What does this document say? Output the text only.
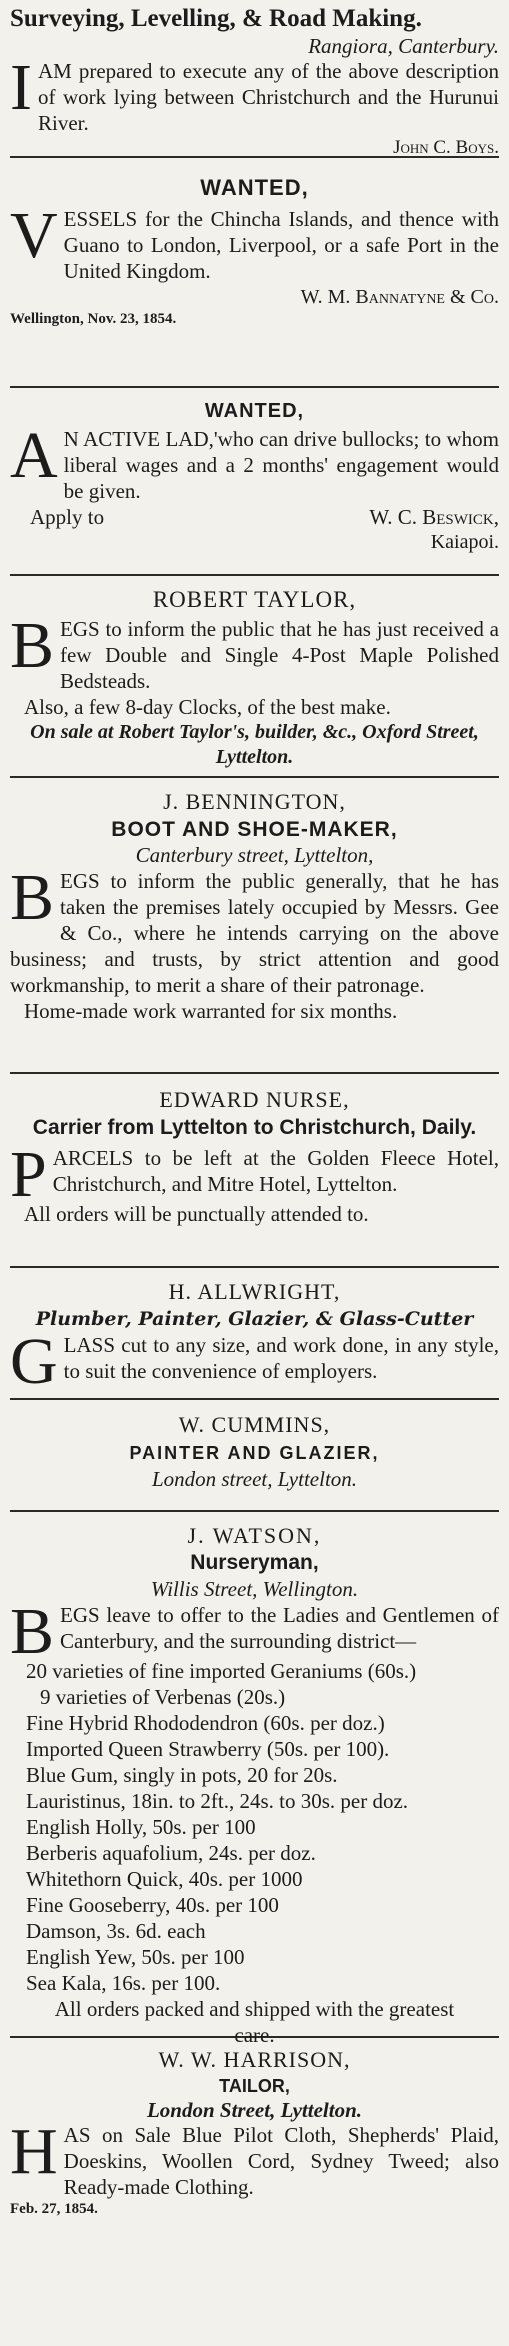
Surveying, Levelling, & Road Making.
Rangiora, Canterbury.
IAM prepared to execute any of the above description of work lying between Christchurch and the Hurunui River.
John C. Boys.
WANTED,
VESSELS for the Chincha Islands, and thence with Guano to London, Liverpool, or a safe Port in the United Kingdom.
W. M. Bannatyne & Co.
Wellington, Nov. 23, 1854.
WANTED,
A N ACTIVE LAD,'who can drive bullocks; to whom liberal wages and a 2 months' engagement would be given.
Apply to	W. C. Beswick,
Kaiapoi.
ROBERT TAYLOR,
BEGS to inform the public that he has just received a few Double and Single 4-Post Maple Polished Bedsteads.
Also, a few 8-day Clocks, of the best make.
On sale at Robert Taylor's, builder, &c., Oxford Street, Lyttelton.
J. BENNINGTON,
BOOT AND SHOE-MAKER,
Canterbury street, Lyttelton,
BEGS to inform the public generally, that he has taken the premises lately occupied by Messrs. Gee & Co., where he intends carrying on the above business; and trusts, by strict attention and good workmanship, to merit a share of their patronage.
Home-made work warranted for six months.
EDWARD NURSE,
Carrier from Lyttelton to Christchurch, Daily.
PARCELS to be left at the Golden Fleece Hotel, Christchurch, and Mitre Hotel, Lyttelton.
All orders will be punctually attended to.
H. ALLWRIGHT,
Plumber, Painter, Glazier, & Glass-Cutter
GLASS cut to any size, and work done, in any style, to suit the convenience of employers.
W. CUMMINS,
PAINTER AND GLAZIER,
London street, Lyttelton.
J. WATSON,
Nurseryman,
Willis Street, Wellington.
BEGS leave to offer to the Ladies and Gentlemen of Canterbury, and the surrounding district—
20 varieties of fine imported Geraniums (60s.)
9 varieties of Verbenas (20s.)
Fine Hybrid Rhododendron (60s. per doz.)
Imported Queen Strawberry (50s. per 100).
Blue Gum, singly in pots, 20 for 20s.
Lauristinus, 18in. to 2ft., 24s. to 30s. per doz.
English Holly, 50s. per 100
Berberis aquafolium, 24s. per doz.
Whitethorn Quick, 40s. per 1000
Fine Gooseberry, 40s. per 100
Damson, 3s. 6d. each
English Yew, 50s. per 100
Sea Kala, 16s. per 100.
All orders packed and shipped with the greatest care.
W. W. HARRISON,
TAILOR,
London Street, Lyttelton.
HAS on Sale Blue Pilot Cloth, Shepherds' Plaid, Doeskins, Woollen Cord, Sydney Tweed; also Ready-made Clothing.
Feb. 27, 1854.
